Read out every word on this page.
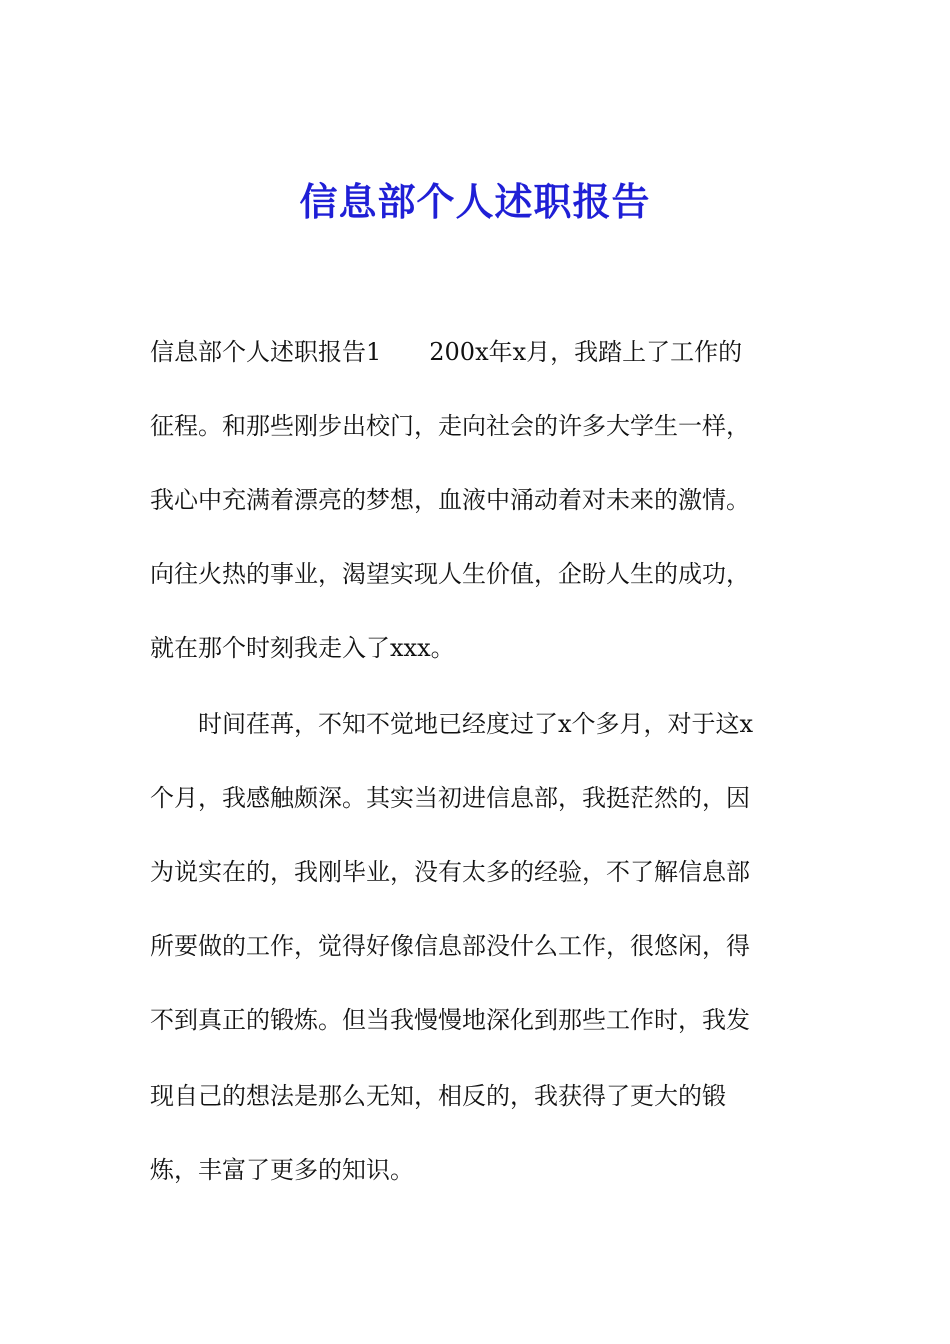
信息部个人述职报告
信息部个人述职报告1　　200x年x月，我踏上了工作的
征程。和那些刚步出校门，走向社会的许多大学生一样，
我心中充满着漂亮的梦想，血液中涌动着对未来的激情。
向往火热的事业，渴望实现人生价值，企盼人生的成功，
就在那个时刻我走入了xxx。
　　时间荏苒，不知不觉地已经度过了x个多月，对于这x
个月，我感触颇深。其实当初进信息部，我挺茫然的，因
为说实在的，我刚毕业，没有太多的经验，不了解信息部
所要做的工作，觉得好像信息部没什么工作，很悠闲，得
不到真正的锻炼。但当我慢慢地深化到那些工作时，我发
现自己的想法是那么无知，相反的，我获得了更大的锻
炼，丰富了更多的知识。
